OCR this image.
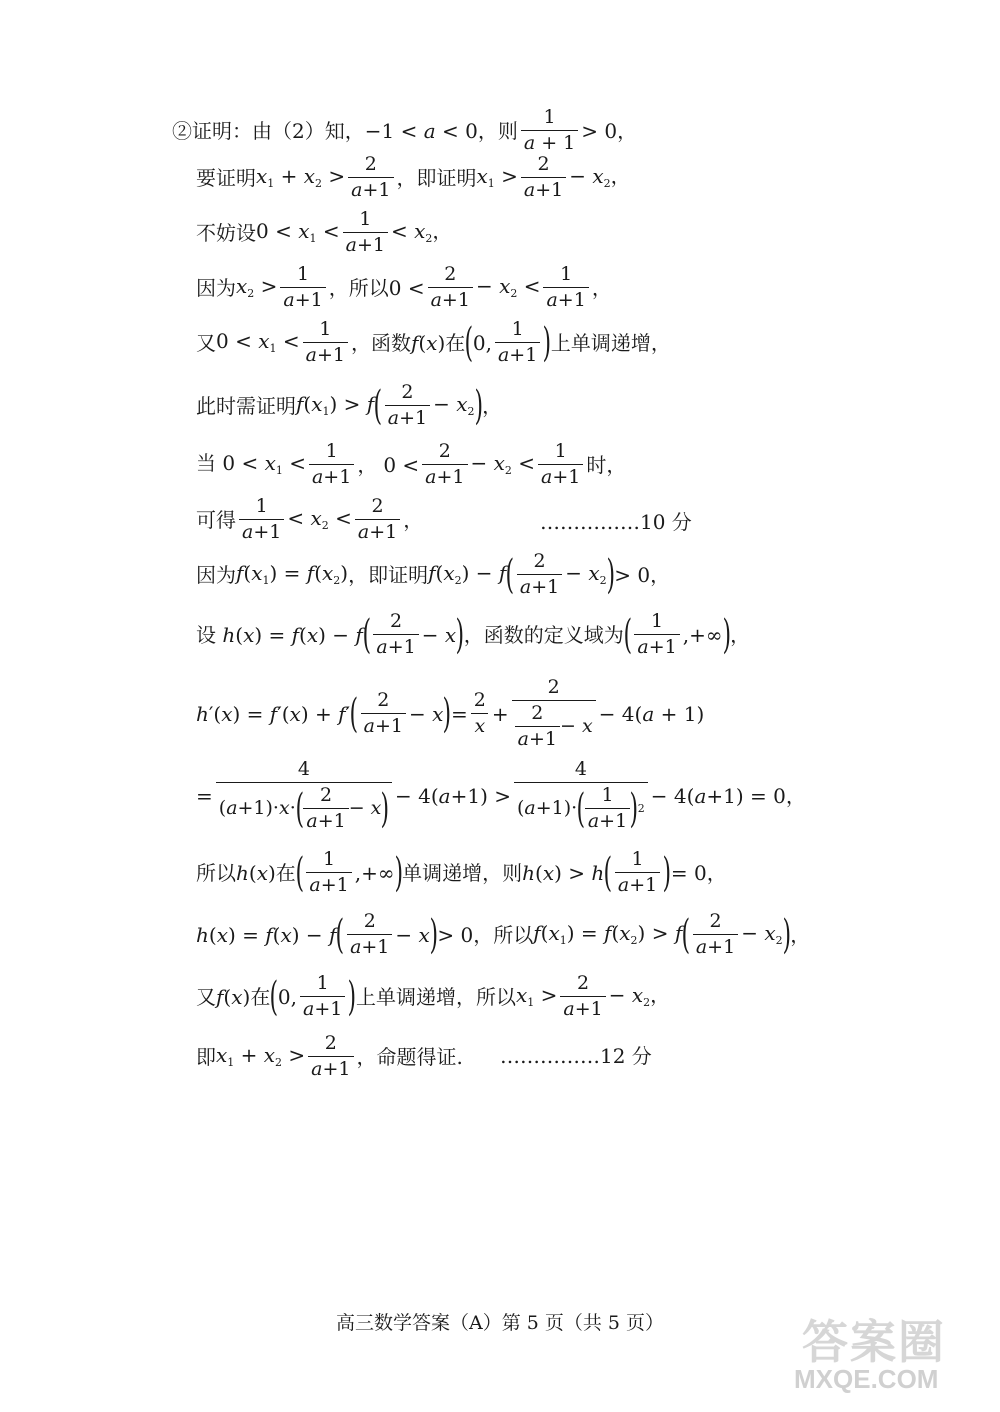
②证明：由（2）知， −1 < a < 0， 则 $\frac{1}{a + 1} > 0$，
要证明 $x_1 + x_2 > \frac{2}{a+1}$ ，即证明 $x_1 > \frac{2}{a+1} - x_2$，
不妨设 $0 < x_1 < \frac{1}{a+1} < x_2$，
因为 $x_2 > \frac{1}{a+1}$ ，所以 $0 < \frac{2}{a+1} - x_2 < \frac{1}{a+1}$ ，
又 $0 < x_1 < \frac{1}{a+1}$ ，函数 f(x) 在 ( 0, $\frac{1}{a+1}$ ) 上单调递增，
此时需证明 $f(x_1) > f$ ( $\frac{2}{a+1} - x_2$ ) ，
当 $0 < x_1 < \frac{1}{a+1}$ ， $0 < \frac{2}{a+1} - x_2 < \frac{1}{a+1}$ 时，
可得 $\frac{1}{a+1} < x_2 < \frac{2}{a+1}$ ，	……………10 分
因为 $f(x_1) = f(x_2)$ ，即证明 $f(x_2) - f$ ( $\frac{2}{a+1} - x_2$ ) > 0，
设 h(x) = f(x) − f ( $\frac{2}{a+1} - x$ ) ，函数的定义域为 ( $\frac{1}{a+1}$ ,+∞ ) ，
h′(x) = f′(x) + f′ ( $\frac{2}{a+1} - x$ ) = $\frac{2}{x} + \frac{2}{\frac{2}{a+1} - x} - 4(a + 1)$
= $\frac{4}{(a+1)\cdot x\cdot ( \frac{2}{a+1} - x )} - 4(a+1) > \frac{4}{(a+1)\cdot ( \frac{1}{a+1} ) 2} - 4(a+1) = 0$，
所以 h(x) 在 ( $\frac{1}{a+1}$ ,+∞ ) 单调递增，则 h(x) > h ( $\frac{1}{a+1}$ ) = 0，
h(x) = f(x) − f ( $\frac{2}{a+1} - x$ ) > 0 ，所以 $f(x_1) = f(x_2) > f$ ( $\frac{2}{a+1} - x_2$ ) ，
又 f(x) 在 ( 0, $\frac{1}{a+1}$ ) 上单调递增，所以 $x_1 > \frac{2}{a+1} - x_2$，
即 $x_1 + x_2 > \frac{2}{a+1}$ ，命题得证. ……………12 分
高三数学答案（A）第 5 页（共 5 页）	答案圈
MXQE.COM
